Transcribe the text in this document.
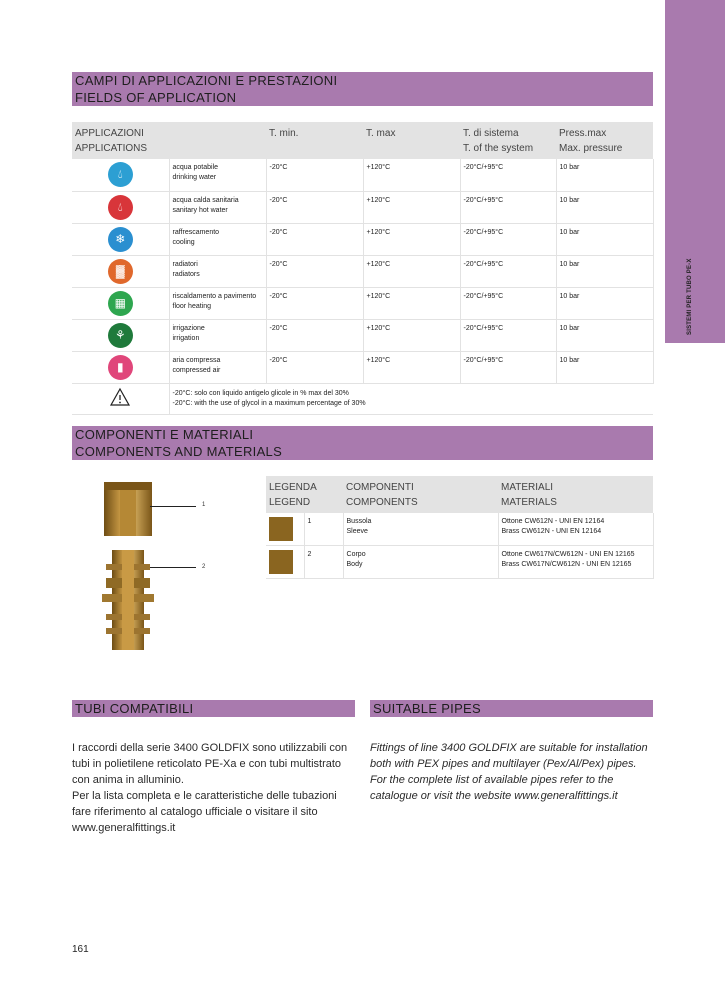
SISTEMI PER TUBO PE-X
CAMPI DI APPLICAZIONI E PRESTAZIONI
FIELDS OF APPLICATION
APPLICAZIONI
APPLICATIONS		T. min.	T. max	T. di sistema
T. of the system	Press.max
Max. pressure
💧︎	acqua potabile
drinking water	-20°C	+120°C	-20°C/+95°C	10 bar
💧︎	acqua calda sanitaria
sanitary hot water	-20°C	+120°C	-20°C/+95°C	10 bar
❄	raffrescamento
cooling	-20°C	+120°C	-20°C/+95°C	10 bar
▓	radiatori
radiators	-20°C	+120°C	-20°C/+95°C	10 bar
▦	riscaldamento a pavimento
floor heating	-20°C	+120°C	-20°C/+95°C	10 bar
⚘	irrigazione
irrigation	-20°C	+120°C	-20°C/+95°C	10 bar
▮	aria compressa
compressed air	-20°C	+120°C	-20°C/+95°C	10 bar
	-20°C: solo con liquido antigelo glicole in % max del 30%
-20°C: with the use of glycol in a maximum percentage of 30%				
COMPONENTI E MATERIALI
COMPONENTS AND MATERIALS
1
2
LEGENDA
LEGEND		COMPONENTI
COMPONENTS	MATERIALI
MATERIALS

	1	Bussola
Sleeve	Ottone CW612N - UNI EN 12164
Brass CW612N - UNI EN 12164

	2	Corpo
Body	Ottone CW617N/CW612N - UNI EN 12165
Brass CW617N/CW612N - UNI EN 12165
TUBI COMPATIBILI	SUITABLE PIPES

I raccordi della serie 3400 GOLDFIX sono utilizzabili con

tubi in polietilene reticolato PE-Xa e con tubi multistrato

con anima in alluminio.

Per la lista completa e le caratteristiche delle tubazioni

fare riferimento al catalogo ufficiale o visitare il sito

www.generalfittings.it

Fittings of line 3400 GOLDFIX are suitable for installation

both with PEX pipes and multilayer (Pex/Al/Pex) pipes.

For the complete list of available pipes refer to the

catalogue or visit the website www.generalfittings.it

161
